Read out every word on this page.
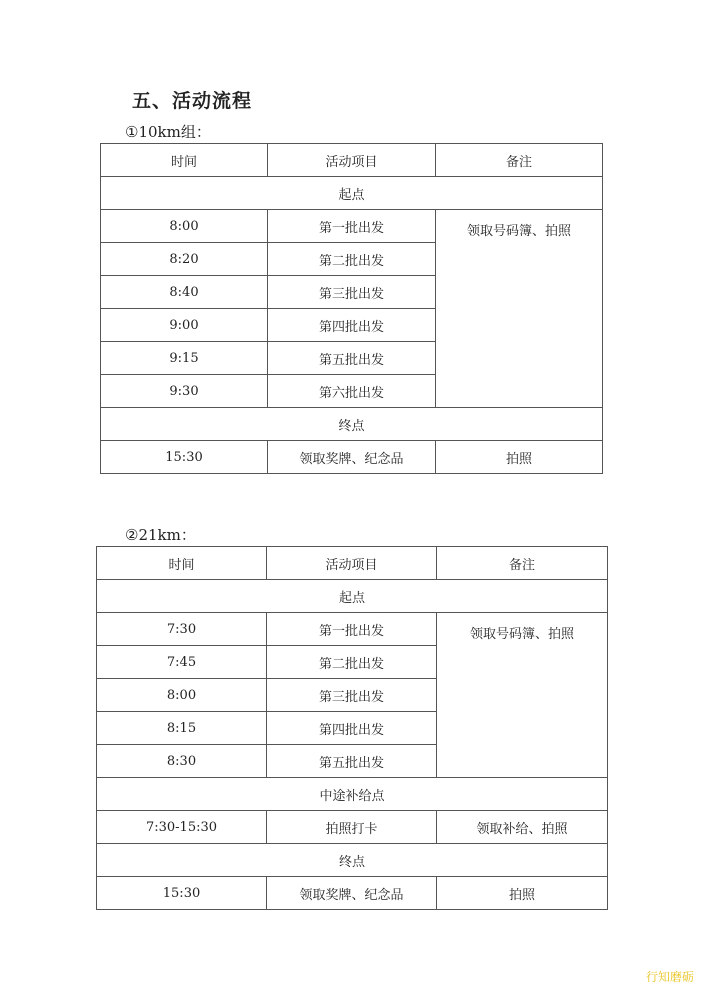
五、活动流程
①10km组：
时间	活动项目	备注
起点		
8:00	第一批出发	领取号码簿、拍照
8:20	第二批出发	
8:40	第三批出发	
9:00	第四批出发	
9:15	第五批出发	
9:30	第六批出发	
终点		
15:30	领取奖牌、纪念品	拍照
②21km：
时间	活动项目	备注
起点		
7:30	第一批出发	领取号码簿、拍照
7:45	第二批出发	
8:00	第三批出发	
8:15	第四批出发	
8:30	第五批出发	
中途补给点		
7:30-15:30	拍照打卡	领取补给、拍照
终点		
15:30	领取奖牌、纪念品	拍照
行知磨砺
